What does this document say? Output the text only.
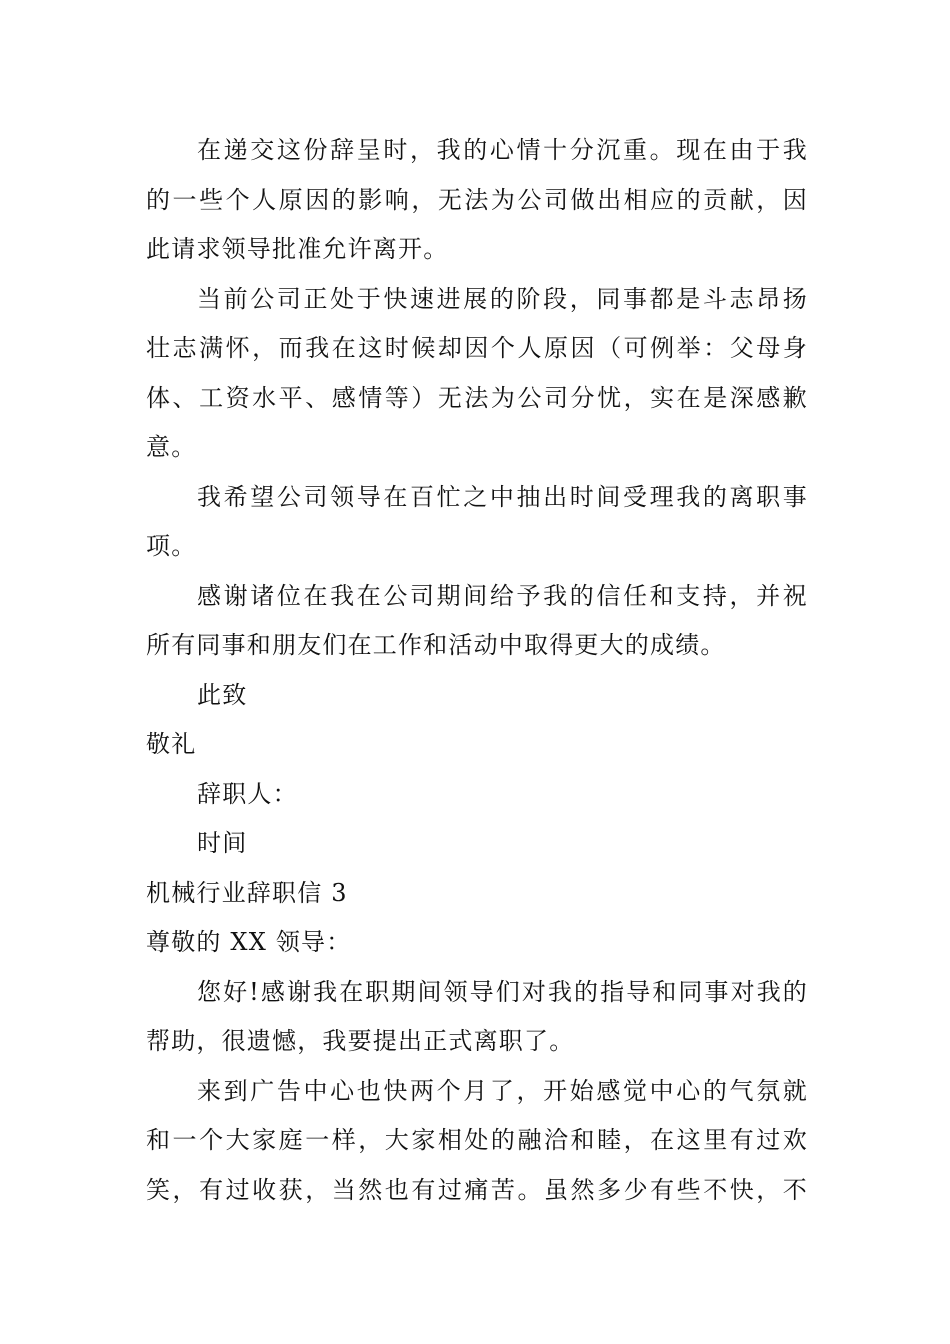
在递交这份辞呈时，我的心情十分沉重。现在由于我
的一些个人原因的影响，无法为公司做出相应的贡献，因
此请求领导批准允许离开。
当前公司正处于快速进展的阶段，同事都是斗志昂扬
壮志满怀，而我在这时候却因个人原因（可例举：父母身
体、工资水平、感情等）无法为公司分忧，实在是深感歉
意。
我希望公司领导在百忙之中抽出时间受理我的离职事
项。
感谢诸位在我在公司期间给予我的信任和支持，并祝
所有同事和朋友们在工作和活动中取得更大的成绩。
此致
敬礼
辞职人：
时间
机械行业辞职信 3
尊敬的 XX 领导：
您好!感谢我在职期间领导们对我的指导和同事对我的
帮助，很遗憾，我要提出正式离职了。
来到广告中心也快两个月了，开始感觉中心的气氛就
和一个大家庭一样，大家相处的融洽和睦，在这里有过欢
笑，有过收获，当然也有过痛苦。虽然多少有些不快，不
